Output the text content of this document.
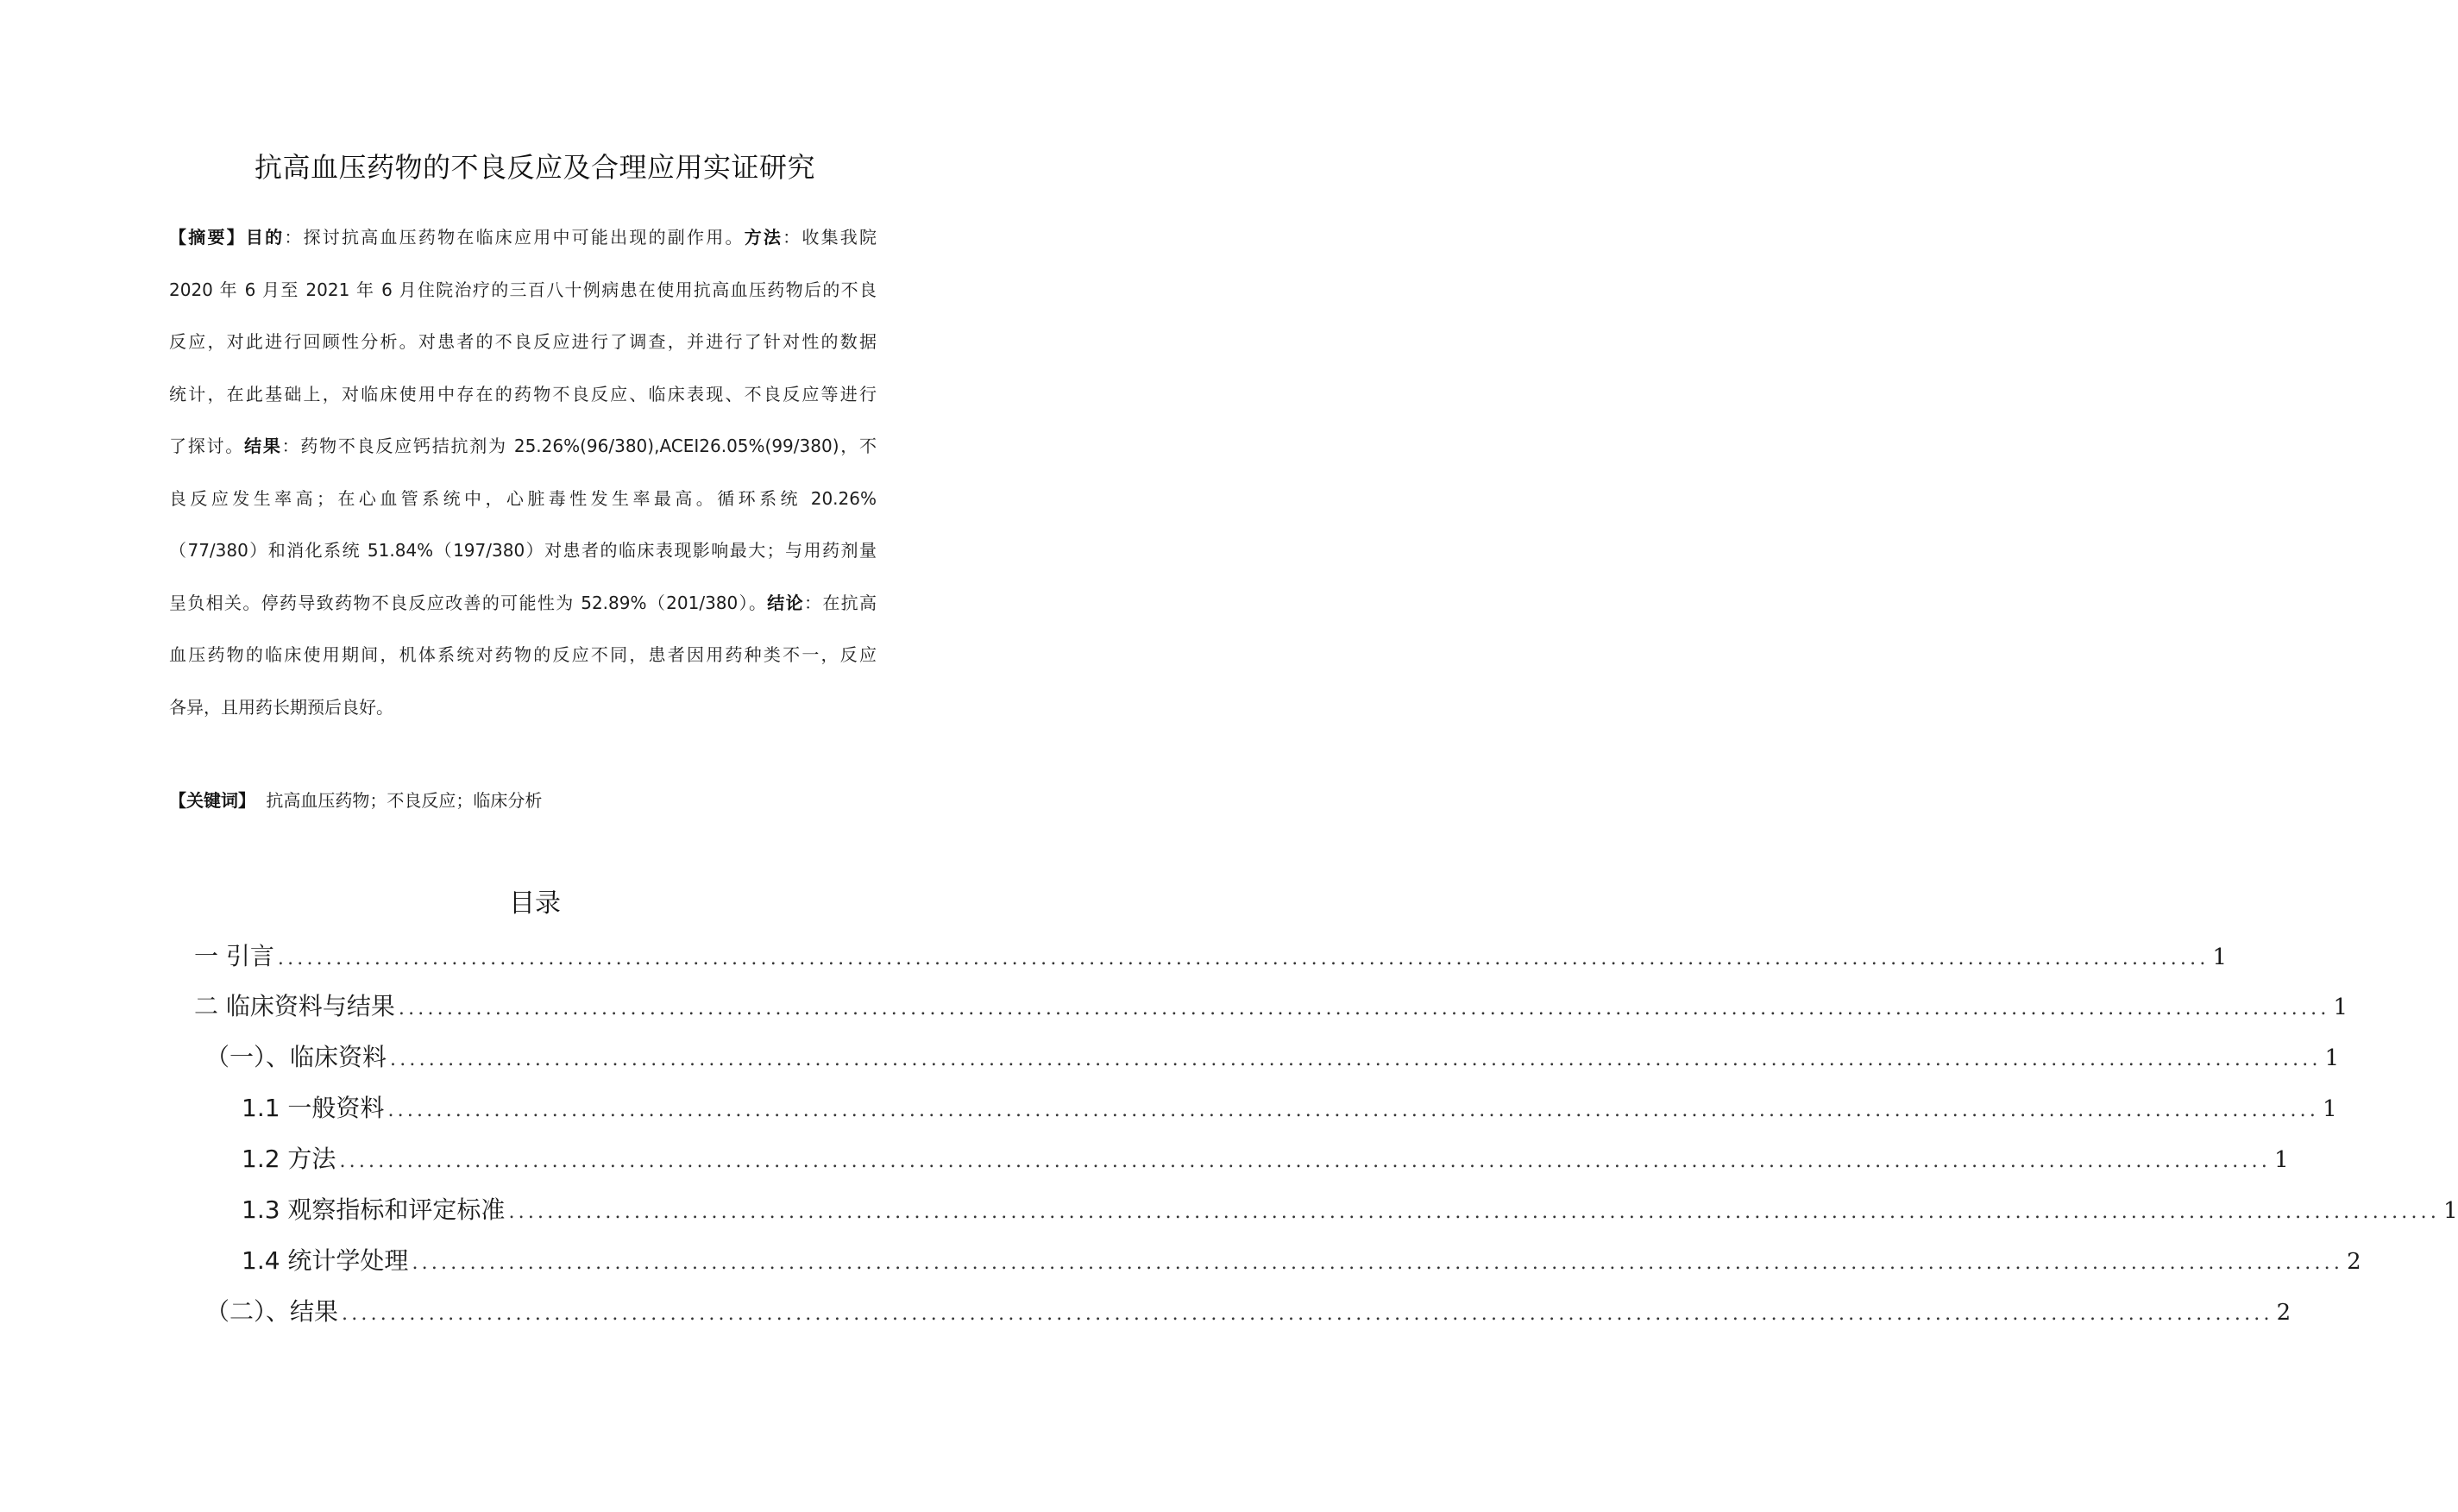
抗高血压药物的不良反应及合理应用实证研究
【摘要】目的：探讨抗高血压药物在临床应用中可能出现的副作用。方法：收集我院
2020 年 6 月至 2021 年 6 月住院治疗的三百八十例病患在使用抗高血压药物后的不良
反应，对此进行回顾性分析。对患者的不良反应进行了调查，并进行了针对性的数据
统计，在此基础上，对临床使用中存在的药物不良反应、临床表现、不良反应等进行
了探讨。结果：药物不良反应钙拮抗剂为 25.26%(96/380),ACEI26.05%(99/380)，不
良反应发生率高；在心血管系统中，心脏毒性发生率最高。循环系统 20.26%
（77/380）和消化系统 51.84%（197/380）对患者的临床表现影响最大；与用药剂量
呈负相关。停药导致药物不良反应改善的可能性为 52.89%（201/380）。结论：在抗高
血压药物的临床使用期间，机体系统对药物的反应不同，患者因用药种类不一，反应
各异，且用药长期预后良好。
【关键词】 抗高血压药物；不良反应；临床分析
目录
一 引言 ........................................................................................................................................................................................................ 1
二 临床资料与结果 ........................................................................................................................................................................................................ 1
（一）、临床资料 ........................................................................................................................................................................................................ 1
1.1 一般资料 ........................................................................................................................................................................................................ 1
1.2 方法 ........................................................................................................................................................................................................ 1
1.3 观察指标和评定标准 ........................................................................................................................................................................................................ 1
1.4 统计学处理 ........................................................................................................................................................................................................ 2
（二）、结果 ........................................................................................................................................................................................................ 2
